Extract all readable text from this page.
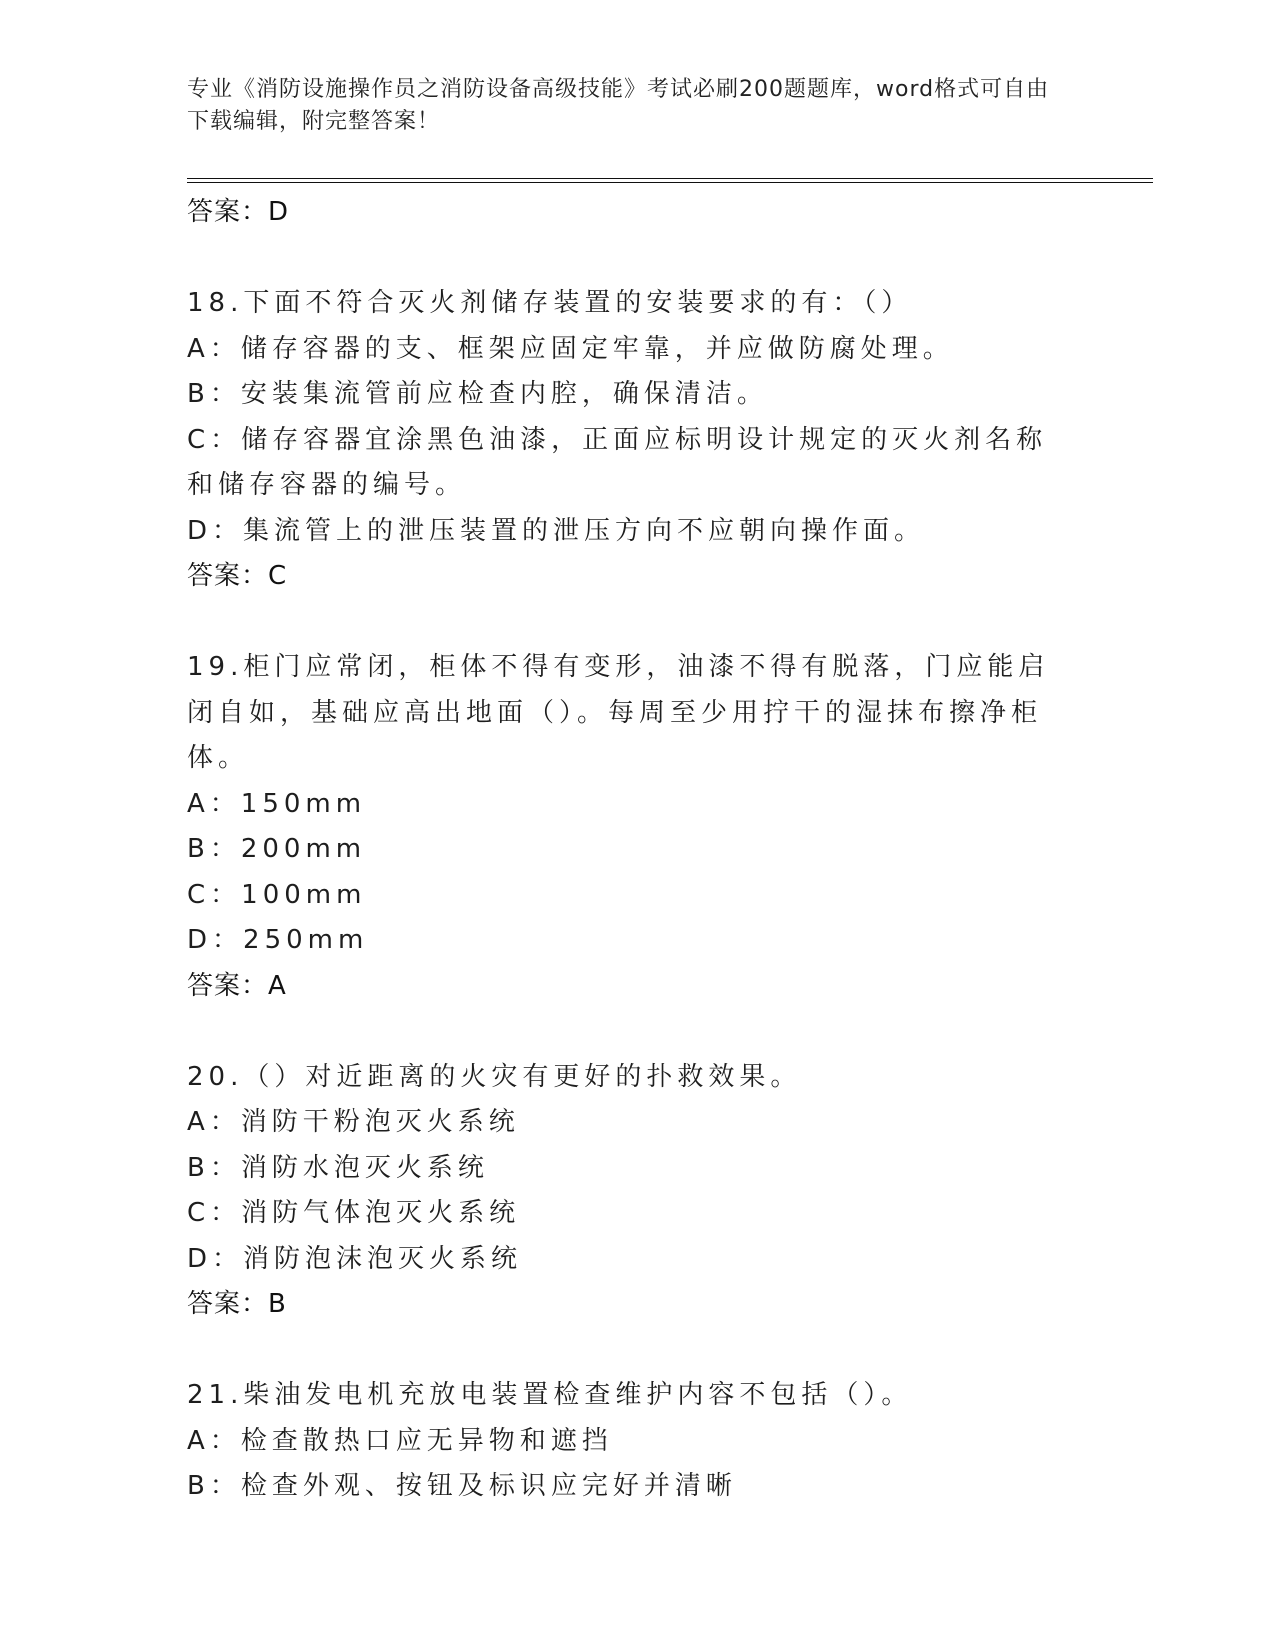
专业《消防设施操作员之消防设备高级技能》考试必刷200题题库，word格式可自由下载编辑，附完整答案！
答案：D
18.下面不符合灭火剂储存装置的安装要求的有：（）
A：储存容器的支、框架应固定牢靠，并应做防腐处理。
B：安装集流管前应检查内腔，确保清洁。
C：储存容器宜涂黑色油漆，正面应标明设计规定的灭火剂名称和储存容器的编号。
D：集流管上的泄压装置的泄压方向不应朝向操作面。
答案：C
19.柜门应常闭，柜体不得有变形，油漆不得有脱落，门应能启闭自如，基础应高出地面（）。每周至少用拧干的湿抹布擦净柜体。
A：150mm
B：200mm
C：100mm
D：250mm
答案：A
20.（）对近距离的火灾有更好的扑救效果。
A：消防干粉泡灭火系统
B：消防水泡灭火系统
C：消防气体泡灭火系统
D：消防泡沫泡灭火系统
答案：B
21.柴油发电机充放电装置检查维护内容不包括（）。
A：检查散热口应无异物和遮挡
B：检查外观、按钮及标识应完好并清晰
